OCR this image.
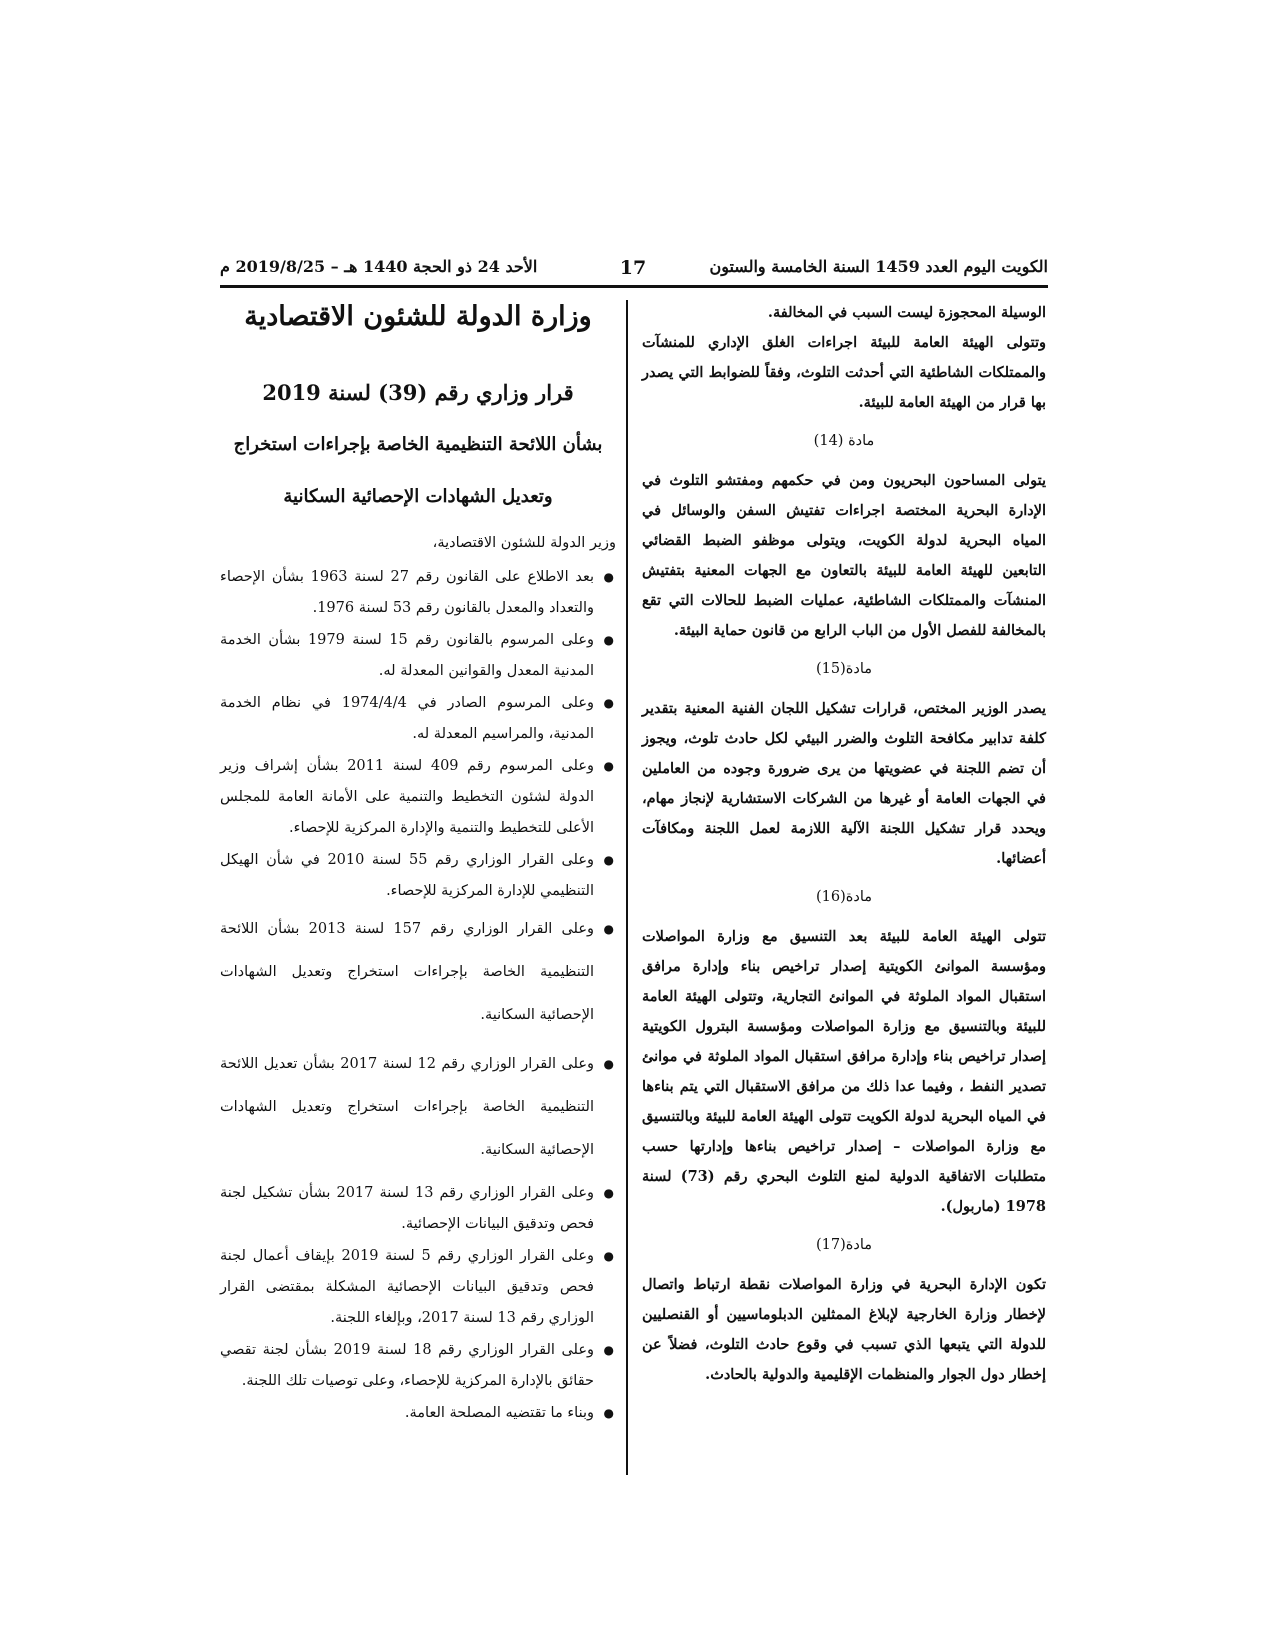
الكويت اليوم العدد 1459 السنة الخامسة والستون
17
الأحد 24 ذو الحجة 1440 هـ – 2019/8/25 م

الوسيلة المحجوزة ليست السبب في المخالفة.

وتتولى الهيئة العامة للبيئة اجراءات الغلق الإداري للمنشآت والممتلكات الشاطئية التي أحدثت التلوث، وفقاً للضوابط التي يصدر بها قرار من الهيئة العامة للبيئة.

مادة (14)

يتولى المساحون البحريون ومن في حكمهم ومفتشو التلوث في الإدارة البحرية المختصة اجراءات تفتيش السفن والوسائل في المياه البحرية لدولة الكويت، ويتولى موظفو الضبط القضائي التابعين للهيئة العامة للبيئة بالتعاون مع الجهات المعنية بتفتيش المنشآت والممتلكات الشاطئية، عمليات الضبط للحالات التي تقع بالمخالفة للفصل الأول من الباب الرابع من قانون حماية البيئة.

مادة(15)

يصدر الوزير المختص، قرارات تشكيل اللجان الفنية المعنية بتقدير كلفة تدابير مكافحة التلوث والضرر البيئي لكل حادث تلوث، ويجوز أن تضم اللجنة في عضويتها من يرى ضرورة وجوده من العاملين في الجهات العامة أو غيرها من الشركات الاستشارية لإنجاز مهام، ويحدد قرار تشكيل اللجنة الآلية اللازمة لعمل اللجنة ومكافآت أعضائها.

مادة(16)

تتولى الهيئة العامة للبيئة بعد التنسيق مع وزارة المواصلات ومؤسسة الموانئ الكويتية إصدار تراخيص بناء وإدارة مرافق استقبال المواد الملوثة في الموانئ التجارية، وتتولى الهيئة العامة للبيئة وبالتنسيق مع وزارة المواصلات ومؤسسة البترول الكويتية إصدار تراخيص بناء وإدارة مرافق استقبال المواد الملوثة في موانئ تصدير النفط ، وفيما عدا ذلك من مرافق الاستقبال التي يتم بناءها في المياه البحرية لدولة الكويت تتولى الهيئة العامة للبيئة وبالتنسيق مع وزارة المواصلات – إصدار تراخيص بناءها وإدارتها حسب متطلبات الاتفاقية الدولية لمنع التلوث البحري رقم (73) لسنة 1978 (ماربول).

مادة(17)

تكون الإدارة البحرية في وزارة المواصلات نقطة ارتباط واتصال لإخطار وزارة الخارجية لإبلاغ الممثلين الدبلوماسيين أو القنصليين للدولة التي يتبعها الذي تسبب في وقوع حادث التلوث، فضلاً عن إخطار دول الجوار والمنظمات الإقليمية والدولية بالحادث.

وزارة الدولة للشئون الاقتصادية
قرار وزاري رقم (39) لسنة 2019

بشأن اللائحة التنظيمية الخاصة بإجراءات استخراج

وتعديل الشهادات الإحصائية السكانية

وزير الدولة للشئون الاقتصادية،

●
بعد الاطلاع على القانون رقم 27 لسنة 1963 بشأن الإحصاء والتعداد والمعدل بالقانون رقم 53 لسنة 1976.
●
وعلى المرسوم بالقانون رقم 15 لسنة 1979 بشأن الخدمة المدنية المعدل والقوانين المعدلة له.
●
وعلى المرسوم الصادر في 1974/4/4 في نظام الخدمة المدنية، والمراسيم المعدلة له.
●
وعلى المرسوم رقم 409 لسنة 2011 بشأن إشراف وزير الدولة لشئون التخطيط والتنمية على الأمانة العامة للمجلس الأعلى للتخطيط والتنمية والإدارة المركزية للإحصاء.
●
وعلى القرار الوزاري رقم 55 لسنة 2010 في شأن الهيكل التنظيمي للإدارة المركزية للإحصاء.
●
وعلى القرار الوزاري رقم 157 لسنة 2013 بشأن اللائحة التنظيمية الخاصة بإجراءات استخراج وتعديل الشهادات الإحصائية السكانية.
●
وعلى القرار الوزاري رقم 12 لسنة 2017 بشأن تعديل اللائحة التنظيمية الخاصة بإجراءات استخراج وتعديل الشهادات الإحصائية السكانية.
●
وعلى القرار الوزاري رقم 13 لسنة 2017 بشأن تشكيل لجنة فحص وتدقيق البيانات الإحصائية.
●
وعلى القرار الوزاري رقم 5 لسنة 2019 بإيقاف أعمال لجنة فحص وتدقيق البيانات الإحصائية المشكلة بمقتضى القرار الوزاري رقم 13 لسنة 2017، وبإلغاء اللجنة.
●
وعلى القرار الوزاري رقم 18 لسنة 2019 بشأن لجنة تقصي حقائق بالإدارة المركزية للإحصاء، وعلى توصيات تلك اللجنة.
●
وبناء ما تقتضيه المصلحة العامة.
